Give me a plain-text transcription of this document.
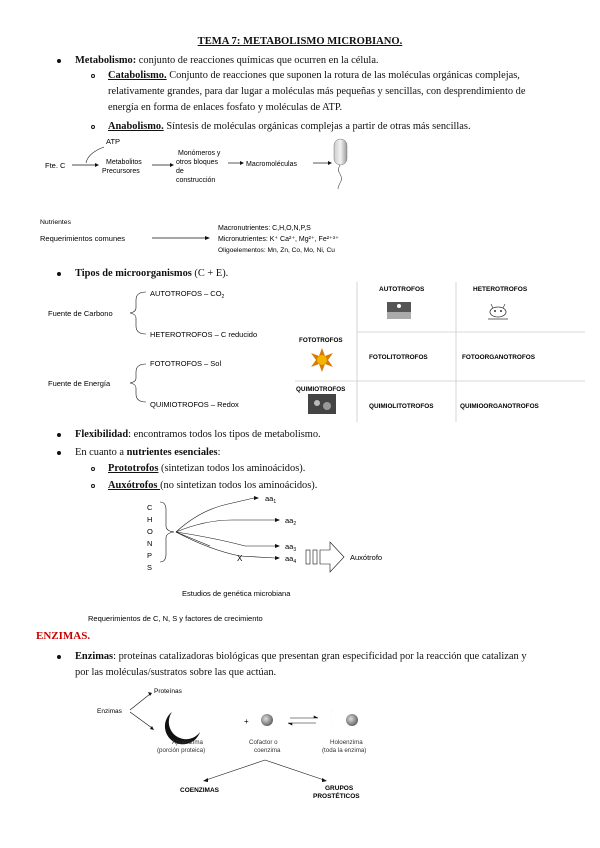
TEMA 7: METABOLISMO MICROBIANO.
Metabolismo: conjunto de reacciones químicas que ocurren en la célula.
Catabolismo. Conjunto de reacciones que suponen la rotura de las moléculas orgánicas complejas,
relativamente grandes, para dar lugar a moléculas más pequeñas y sencillas, con desprendimiento de
energía en forma de enlaces fosfato y moléculas de ATP.
Anabolismo. Síntesis de moléculas orgánicas complejas a partir de otras más sencillas.
Fte. C
ATP
Metabolitos
Precursores
Monómeros y
otros bloques
de
construcción
Macromoléculas
Nutrientes
Requerimientos comunes
Macronutrientes: C,H,O,N,P,S
Micronutrientes: K⁺ Ca²⁺, Mg²⁺, Fe²⁺³⁺
Oligoelementos: Mn, Zn, Co, Mo, Ni, Cu
Tipos de microorganismos (C + E).
Fuente de Carbono
AUTOTROFOS – $CO_2$
HETEROTROFOS – C reducido
Fuente de Energía
FOTOTROFOS – Sol
QUIMIOTROFOS – Redox
AUTOTROFOS	HETEROTROFOS
FOTOTROFOS
FOTOLITOTROFOS	FOTOORGANOTROFOS
QUIMIOTROFOS
QUIMIOLITOTROFOS	QUIMIOORGANOTROFOS
Flexibilidad: encontramos todos los tipos de metabolismo.
En cuanto a nutrientes esenciales:
Prototrofos (sintetizan todos los aminoácidos).
Auxótrofos (no sintetizan todos los aminoácidos).
C
H
O
N
P
S
$aa_1$
$aa_2$
$aa_3$
$aa_4$
X	Auxótrofo
Estudios de genética microbiana
Requerimientos de C, N, S y factores de crecimiento
ENZIMAS.
Enzimas: proteínas catalizadoras biológicas que presentan gran especificidad por la reacción que catalizan y
por las moléculas/sustratos sobre las que actúan.
Enzimas
Proteínas
Apoenzima
(porción proteica)
+
Cofactor o
coenzima
Holoenzima
(toda la enzima)
COENZIMAS	GRUPOS
PROSTÉTICOS
